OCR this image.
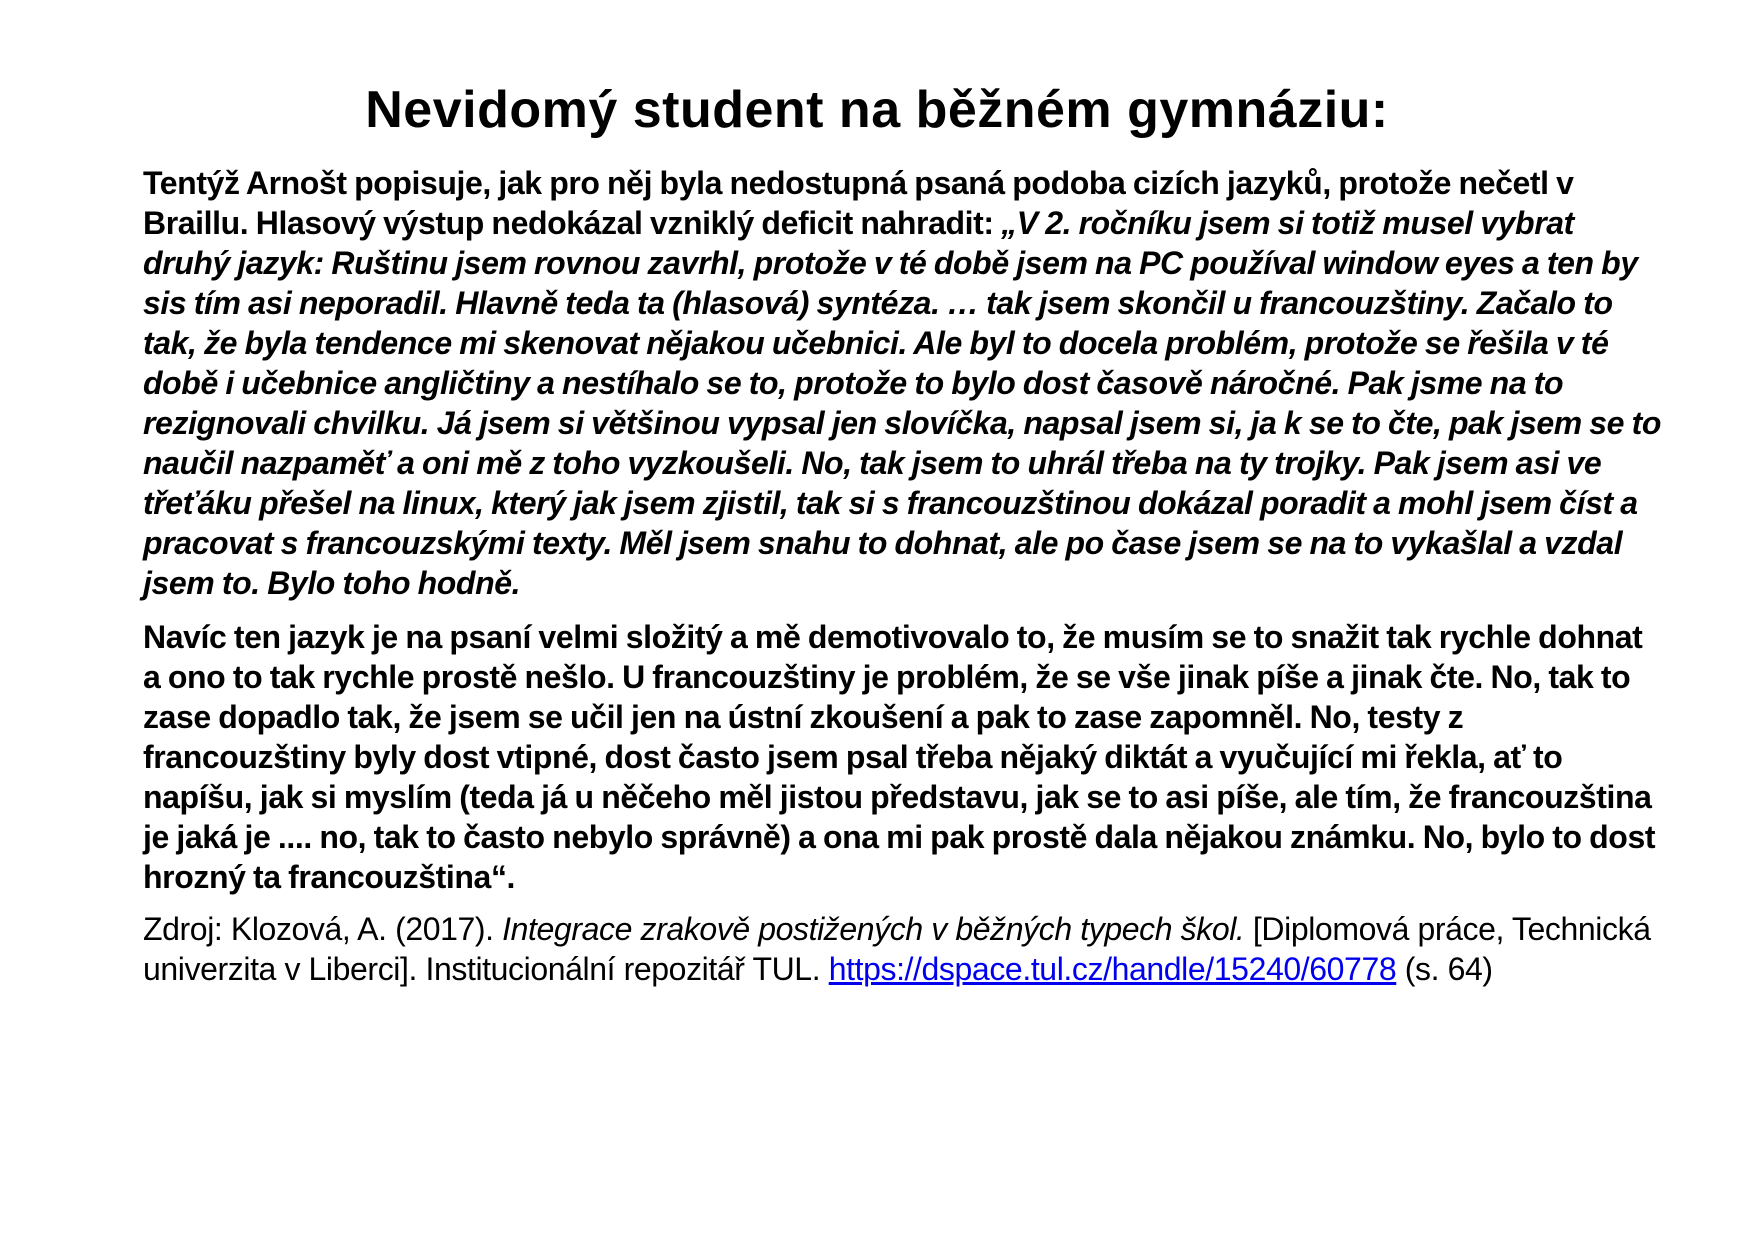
Nevidomý student na běžném gymnáziu:

Tentýž Arnošt popisuje, jak pro něj byla nedostupná psaná podoba cizích jazyků, protože nečetl v Braillu. Hlasový výstup nedokázal vzniklý deficit nahradit: „V 2. ročníku jsem si totiž musel vybrat druhý jazyk: Ruštinu jsem rovnou zavrhl, protože v té době jsem na PC používal window eyes a ten by sis tím asi neporadil. Hlavně teda ta (hlasová) syntéza. … tak jsem skončil u francouzštiny. Začalo to tak, že byla tendence mi skenovat nějakou učebnici. Ale byl to docela problém, protože se řešila v té době i učebnice angličtiny a nestíhalo se to, protože to bylo dost časově náročné. Pak jsme na to rezignovali chvilku. Já jsem si většinou vypsal jen slovíčka, napsal jsem si, ja k se to čte, pak jsem se to naučil nazpaměť a oni mě z toho vyzkoušeli. No, tak jsem to uhrál třeba na ty trojky. Pak jsem asi ve třeťáku přešel na linux, který jak jsem zjistil, tak si s francouzštinou dokázal poradit a mohl jsem číst a pracovat s francouzskými texty. Měl jsem snahu to dohnat, ale po čase jsem se na to vykašlal a vzdal jsem to. Bylo toho hodně.

Navíc ten jazyk je na psaní velmi složitý a mě demotivovalo to, že musím se to snažit tak rychle dohnat a ono to tak rychle prostě nešlo. U francouzštiny je problém, že se vše jinak píše a jinak čte. No, tak to zase dopadlo tak, že jsem se učil jen na ústní zkoušení a pak to zase zapomněl. No, testy z francouzštiny byly dost vtipné, dost často jsem psal třeba nějaký diktát a vyučující mi řekla, ať to napíšu, jak si myslím (teda já u něčeho měl jistou představu, jak se to asi píše, ale tím, že francouzština je jaká je .... no, tak to často nebylo správně) a ona mi pak prostě dala nějakou známku. No, bylo to dost hrozný ta francouzština“.

Zdroj: Klozová, A. (2017). Integrace zrakově postižených v běžných typech škol. [Diplomová práce, Technická univerzita v Liberci]. Institucionální repozitář TUL. https://dspace.tul.cz/handle/15240/60778 (s. 64)
